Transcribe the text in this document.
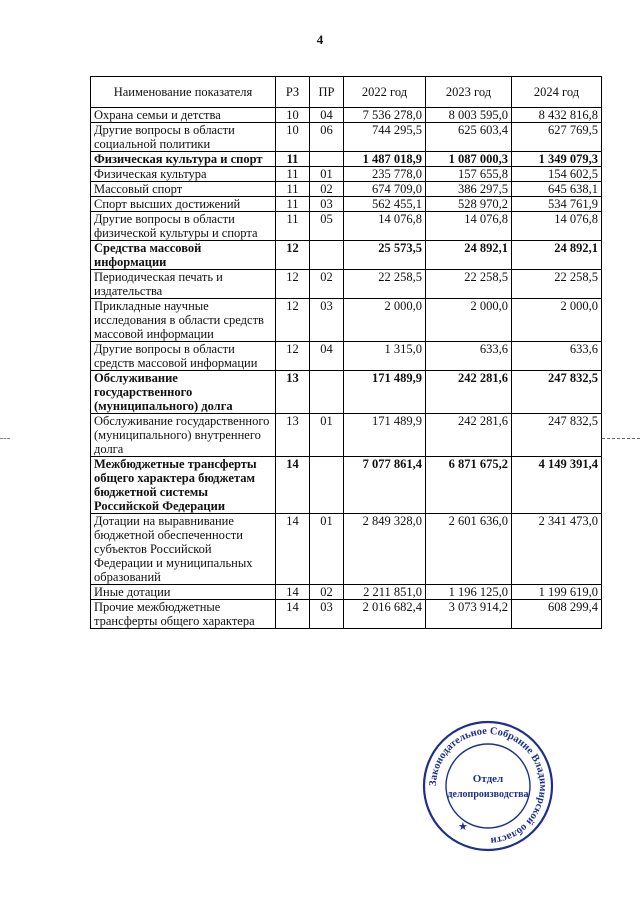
4
Наименование показателя	РЗ	ПР	2022 год	2023 год	2024 год
Охрана семьи и детства	10	04	7 536 278,0	8 003 595,0	8 432 816,8
Другие вопросы в области социальной политики	10	06	744 295,5	625 603,4	627 769,5
Физическая культура и спорт	11		1 487 018,9	1 087 000,3	1 349 079,3
Физическая культура	11	01	235 778,0	157 655,8	154 602,5
Массовый спорт	11	02	674 709,0	386 297,5	645 638,1
Спорт высших достижений	11	03	562 455,1	528 970,2	534 761,9
Другие вопросы в области физической культуры и спорта	11	05	14 076,8	14 076,8	14 076,8
Средства массовой информации	12		25 573,5	24 892,1	24 892,1
Периодическая печать и издательства	12	02	22 258,5	22 258,5	22 258,5
Прикладные научные исследования в области средств массовой информации	12	03	2 000,0	2 000,0	2 000,0
Другие вопросы в области средств массовой информации	12	04	1 315,0	633,6	633,6
Обслуживание государственного (муниципального) долга	13		171 489,9	242 281,6	247 832,5
Обслуживание государственного (муниципального) внутреннего долга	13	01	171 489,9	242 281,6	247 832,5
Межбюджетные трансферты общего характера бюджетам бюджетной системы Российской Федерации	14		7 077 861,4	6 871 675,2	4 149 391,4
Дотации на выравнивание бюджетной обеспеченности субъектов Российской Федерации и муниципальных образований	14	01	2 849 328,0	2 601 636,0	2 341 473,0
Иные дотации	14	02	2 211 851,0	1 196 125,0	1 199 619,0
Прочие межбюджетные трансферты общего характера	14	03	2 016 682,4	3 073 914,2	608 299,4
Законодательное Собрание Владимирской области
★
Отдел
делопроизводства
